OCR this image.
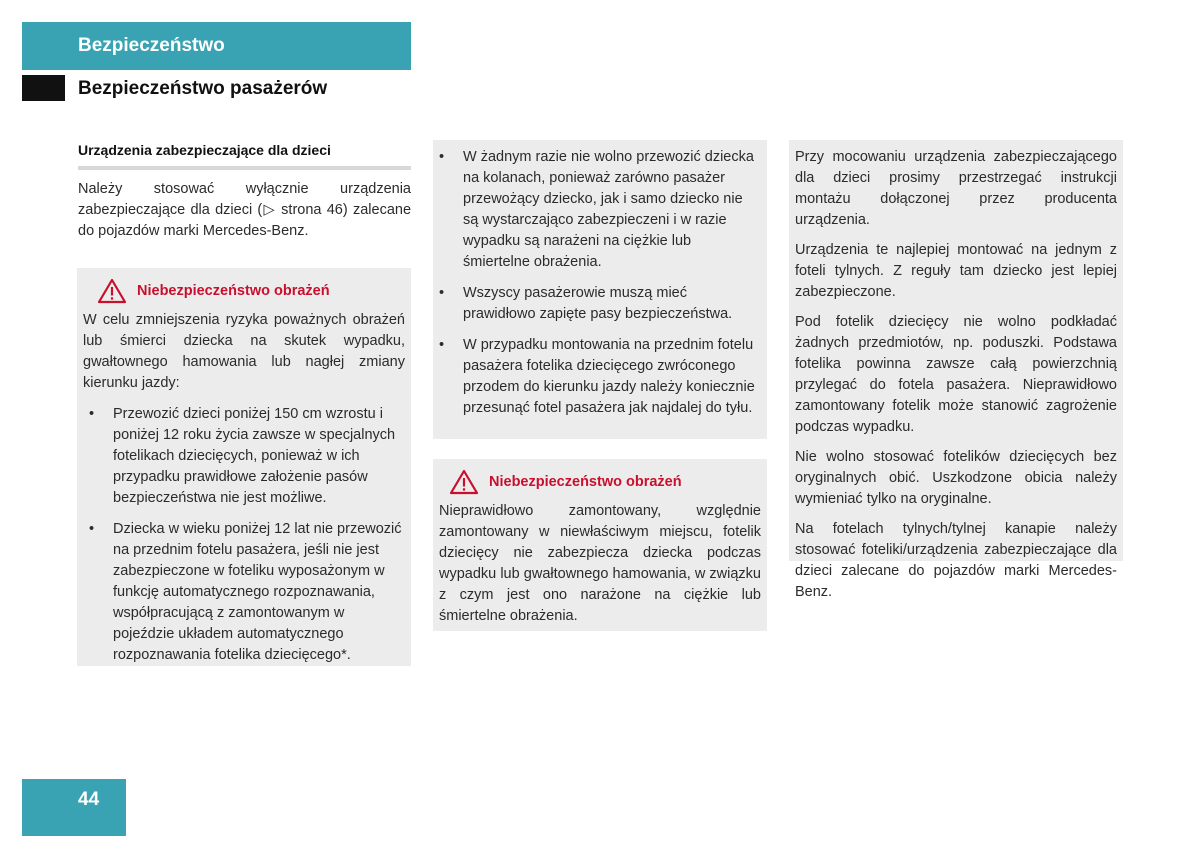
Bezpieczeństwo
Bezpieczeństwo pasażerów
Urządzenia zabezpieczające dla dzieci

Należy stosować wyłącznie urządzenia zabezpieczające dla dzieci (▷ strona 46) zalecane do pojazdów marki Mercedes-Benz.

Niebezpieczeństwo obrażeń

W celu zmniejszenia ryzyka poważnych obrażeń lub śmierci dziecka na skutek wypadku, gwałtownego hamowania lub nagłej zmiany kierunku jazdy:

• Przewozić dzieci poniżej 150 cm wzrostu i poniżej 12 roku życia zawsze w specjalnych fotelikach dziecięcych, ponieważ w ich przypadku prawidłowe założenie pasów bezpieczeństwa nie jest możliwe.
• Dziecka w wieku poniżej 12 lat nie przewozić na przednim fotelu pasażera, jeśli nie jest zabezpieczone w foteliku wyposażonym w funkcję automatycznego rozpoznawania, współpracującą z zamontowanym w pojeździe układem automatycznego rozpoznawania fotelika dziecięcego*.
• W żadnym razie nie wolno przewozić dziecka na kolanach, ponieważ zarówno pasażer przewożący dziecko, jak i samo dziecko nie są wystarczająco zabezpieczeni i w razie wypadku są narażeni na ciężkie lub śmiertelne obrażenia.
• Wszyscy pasażerowie muszą mieć prawidłowo zapięte pasy bezpieczeństwa.
• W przypadku montowania na przednim fotelu pasażera fotelika dziecięcego zwróconego przodem do kierunku jazdy należy koniecznie przesunąć fotel pasażera jak najdalej do tyłu.
Niebezpieczeństwo obrażeń

Nieprawidłowo zamontowany, względnie zamontowany w niewłaściwym miejscu, fotelik dziecięcy nie zabezpiecza dziecka podczas wypadku lub gwałtownego hamowania, w związku z czym jest ono narażone na ciężkie lub śmiertelne obrażenia.

Przy mocowaniu urządzenia zabezpieczającego dla dzieci prosimy przestrzegać instrukcji montażu dołączonej przez producenta urządzenia.

Urządzenia te najlepiej montować na jednym z foteli tylnych. Z reguły tam dziecko jest lepiej zabezpieczone.

Pod fotelik dziecięcy nie wolno podkładać żadnych przedmiotów, np. poduszki. Podstawa fotelika powinna zawsze całą powierzchnią przylegać do fotela pasażera. Nieprawidłowo zamontowany fotelik może stanowić zagrożenie podczas wypadku.

Nie wolno stosować fotelików dziecięcych bez oryginalnych obić. Uszkodzone obicia należy wymieniać tylko na oryginalne.

Na fotelach tylnych/tylnej kanapie należy stosować foteliki/urządzenia zabezpieczające dla dzieci zalecane do pojazdów marki Mercedes-Benz.

44
